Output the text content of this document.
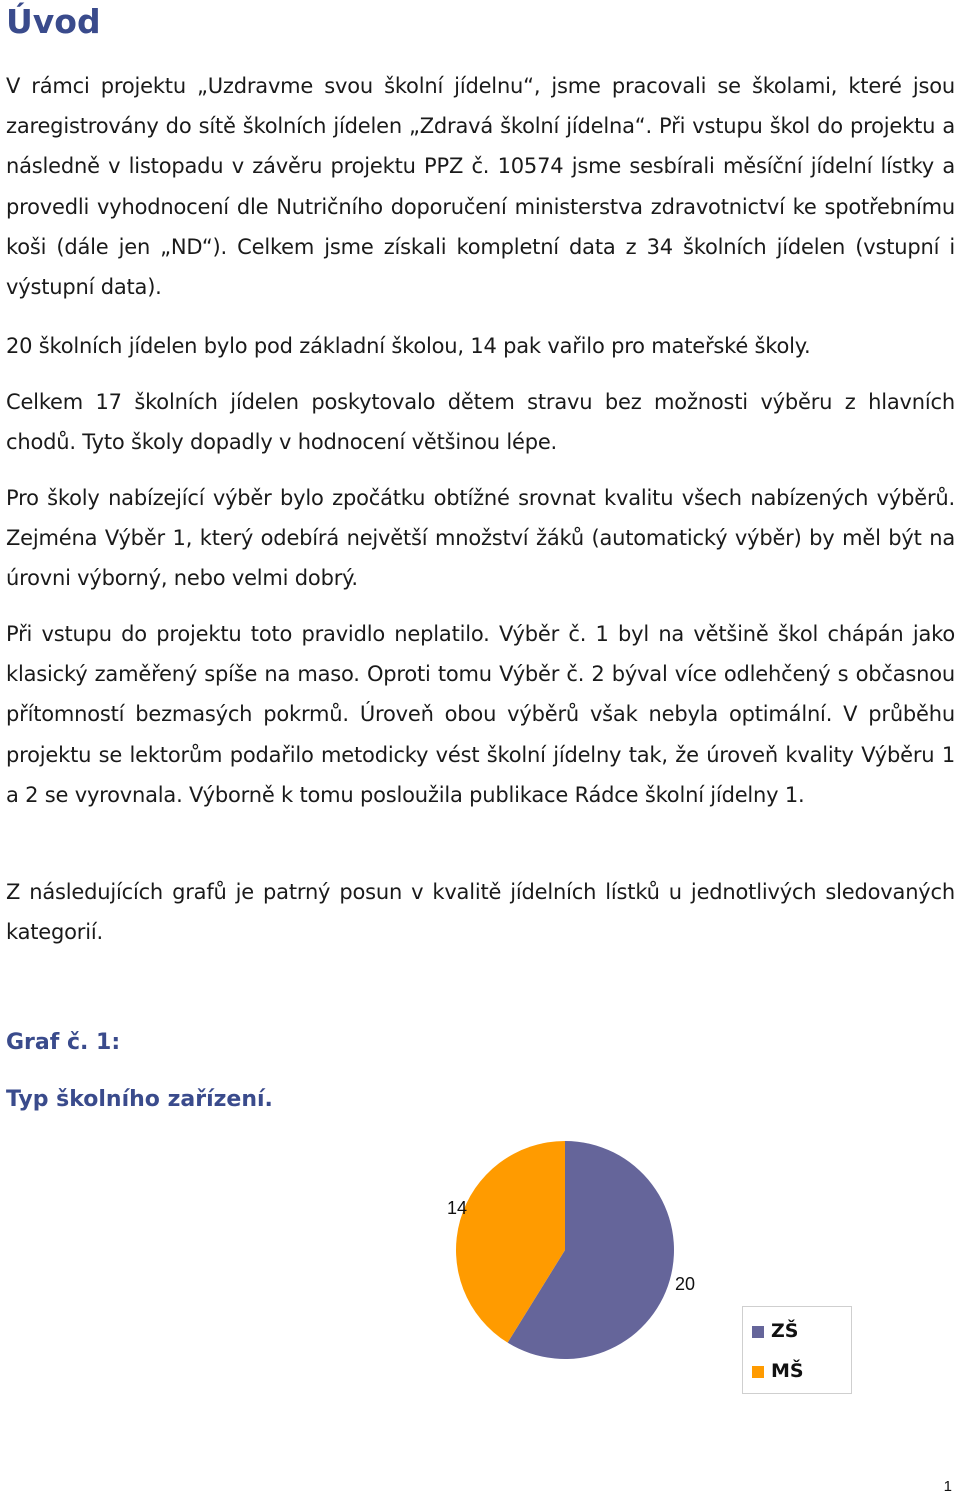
Úvod

V rámci projektu „Uzdravme svou školní jídelnu“, jsme pracovali se školami, které jsou zaregistrovány do sítě školních jídelen „Zdravá školní jídelna“. Při vstupu škol do projektu a následně v listopadu v závěru projektu PPZ č. 10574 jsme sesbírali měsíční jídelní lístky a provedli vyhodnocení dle Nutričního doporučení ministerstva zdravotnictví ke spotřebnímu koši (dále jen „ND“). Celkem jsme získali kompletní data z 34 školních jídelen (vstupní i výstupní data).

20 školních jídelen bylo pod základní školou, 14 pak vařilo pro mateřské školy.

Celkem 17 školních jídelen poskytovalo dětem stravu bez možnosti výběru z hlavních chodů. Tyto školy dopadly v hodnocení většinou lépe.

Pro školy nabízející výběr bylo zpočátku obtížné srovnat kvalitu všech nabízených výběrů. Zejména Výběr 1, který odebírá největší množství žáků (automatický výběr) by měl být na úrovni výborný, nebo velmi dobrý.

Při vstupu do projektu toto pravidlo neplatilo. Výběr č. 1 byl na většině škol chápán jako klasický zaměřený spíše na maso. Oproti tomu Výběr č. 2 býval více odlehčený s občasnou přítomností bezmasých pokrmů. Úroveň obou výběrů však nebyla optimální. V průběhu projektu se lektorům podařilo metodicky vést školní jídelny tak, že úroveň kvality Výběru 1 a 2 se vyrovnala. Výborně k tomu posloužila publikace Rádce školní jídelny 1.

Z následujících grafů je patrný posun v kvalitě jídelních lístků u jednotlivých sledovaných kategorií.

Graf č. 1:

Typ školního zařízení.

20
14
ZŠ
MŠ
1
